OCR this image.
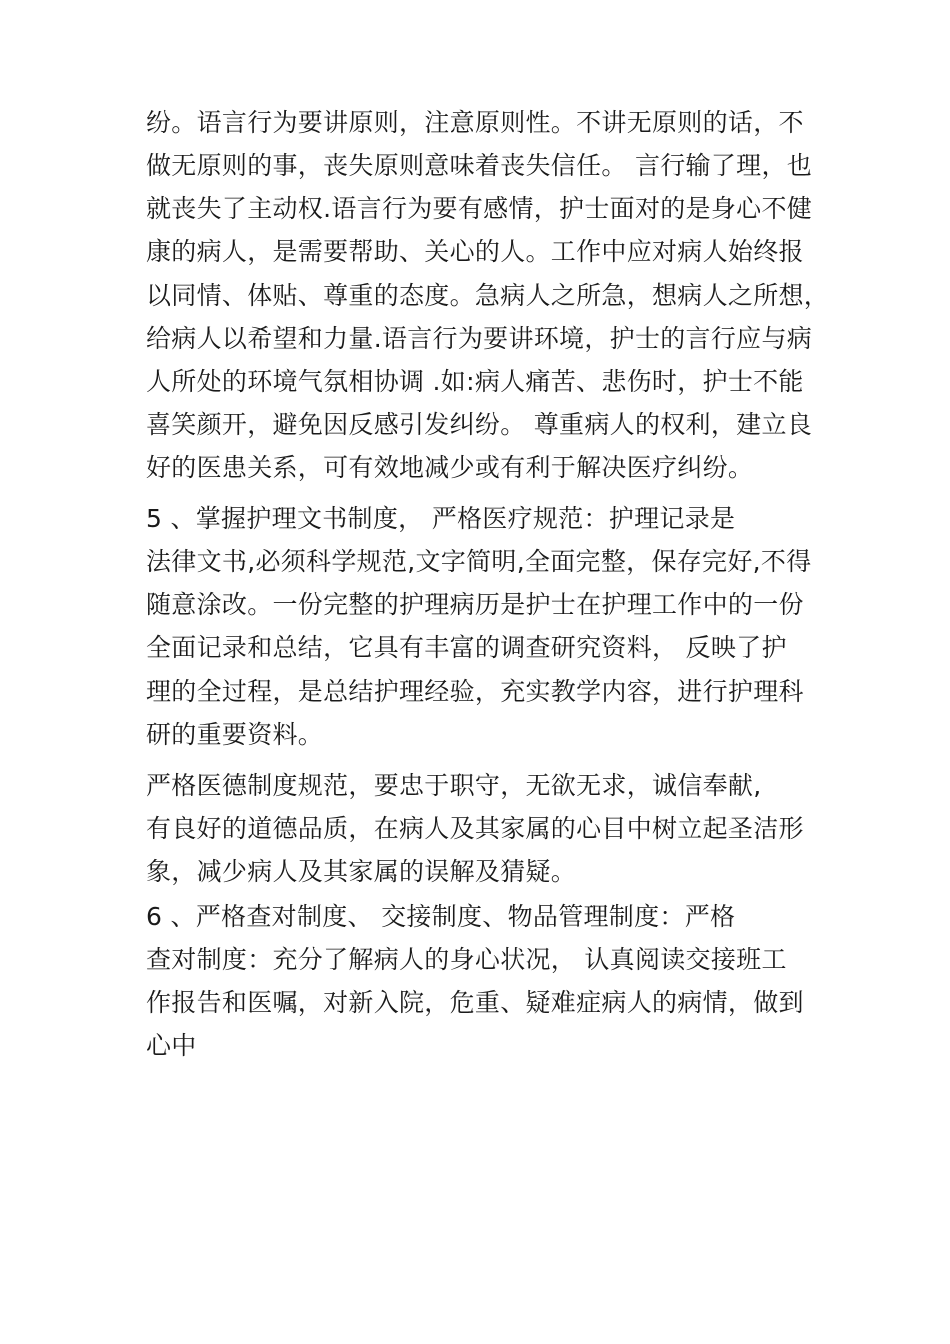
纷。语言行为要讲原则，注意原则性。不讲无原则的话，不
做无原则的事，丧失原则意味着丧失信任。 言行输了理，也
就丧失了主动权.语言行为要有感情，护士面对的是身心不健
康的病人，是需要帮助、关心的人。工作中应对病人始终报
以同情、体贴、尊重的态度。急病人之所急，想病人之所想，
给病人以希望和力量.语言行为要讲环境，护士的言行应与病
人所处的环境气氛相协调 .如:病人痛苦、悲伤时，护士不能
喜笑颜开，避免因反感引发纠纷。 尊重病人的权利，建立良
好的医患关系，可有效地减少或有利于解决医疗纠纷。
5 、掌握护理文书制度， 严格医疗规范：护理记录是
法律文书,必须科学规范,文字简明,全面完整，保存完好,不得
随意涂改。一份完整的护理病历是护士在护理工作中的一份
全面记录和总结，它具有丰富的调查研究资料， 反映了护
理的全过程，是总结护理经验，充实教学内容，进行护理科
研的重要资料。
严格医德制度规范，要忠于职守，无欲无求，诚信奉献,
有良好的道德品质，在病人及其家属的心目中树立起圣洁形
象，减少病人及其家属的误解及猜疑。
6 、严格查对制度、 交接制度、物品管理制度：严格
查对制度：充分了解病人的身心状况， 认真阅读交接班工
作报告和医嘱，对新入院，危重、疑难症病人的病情，做到
心中
